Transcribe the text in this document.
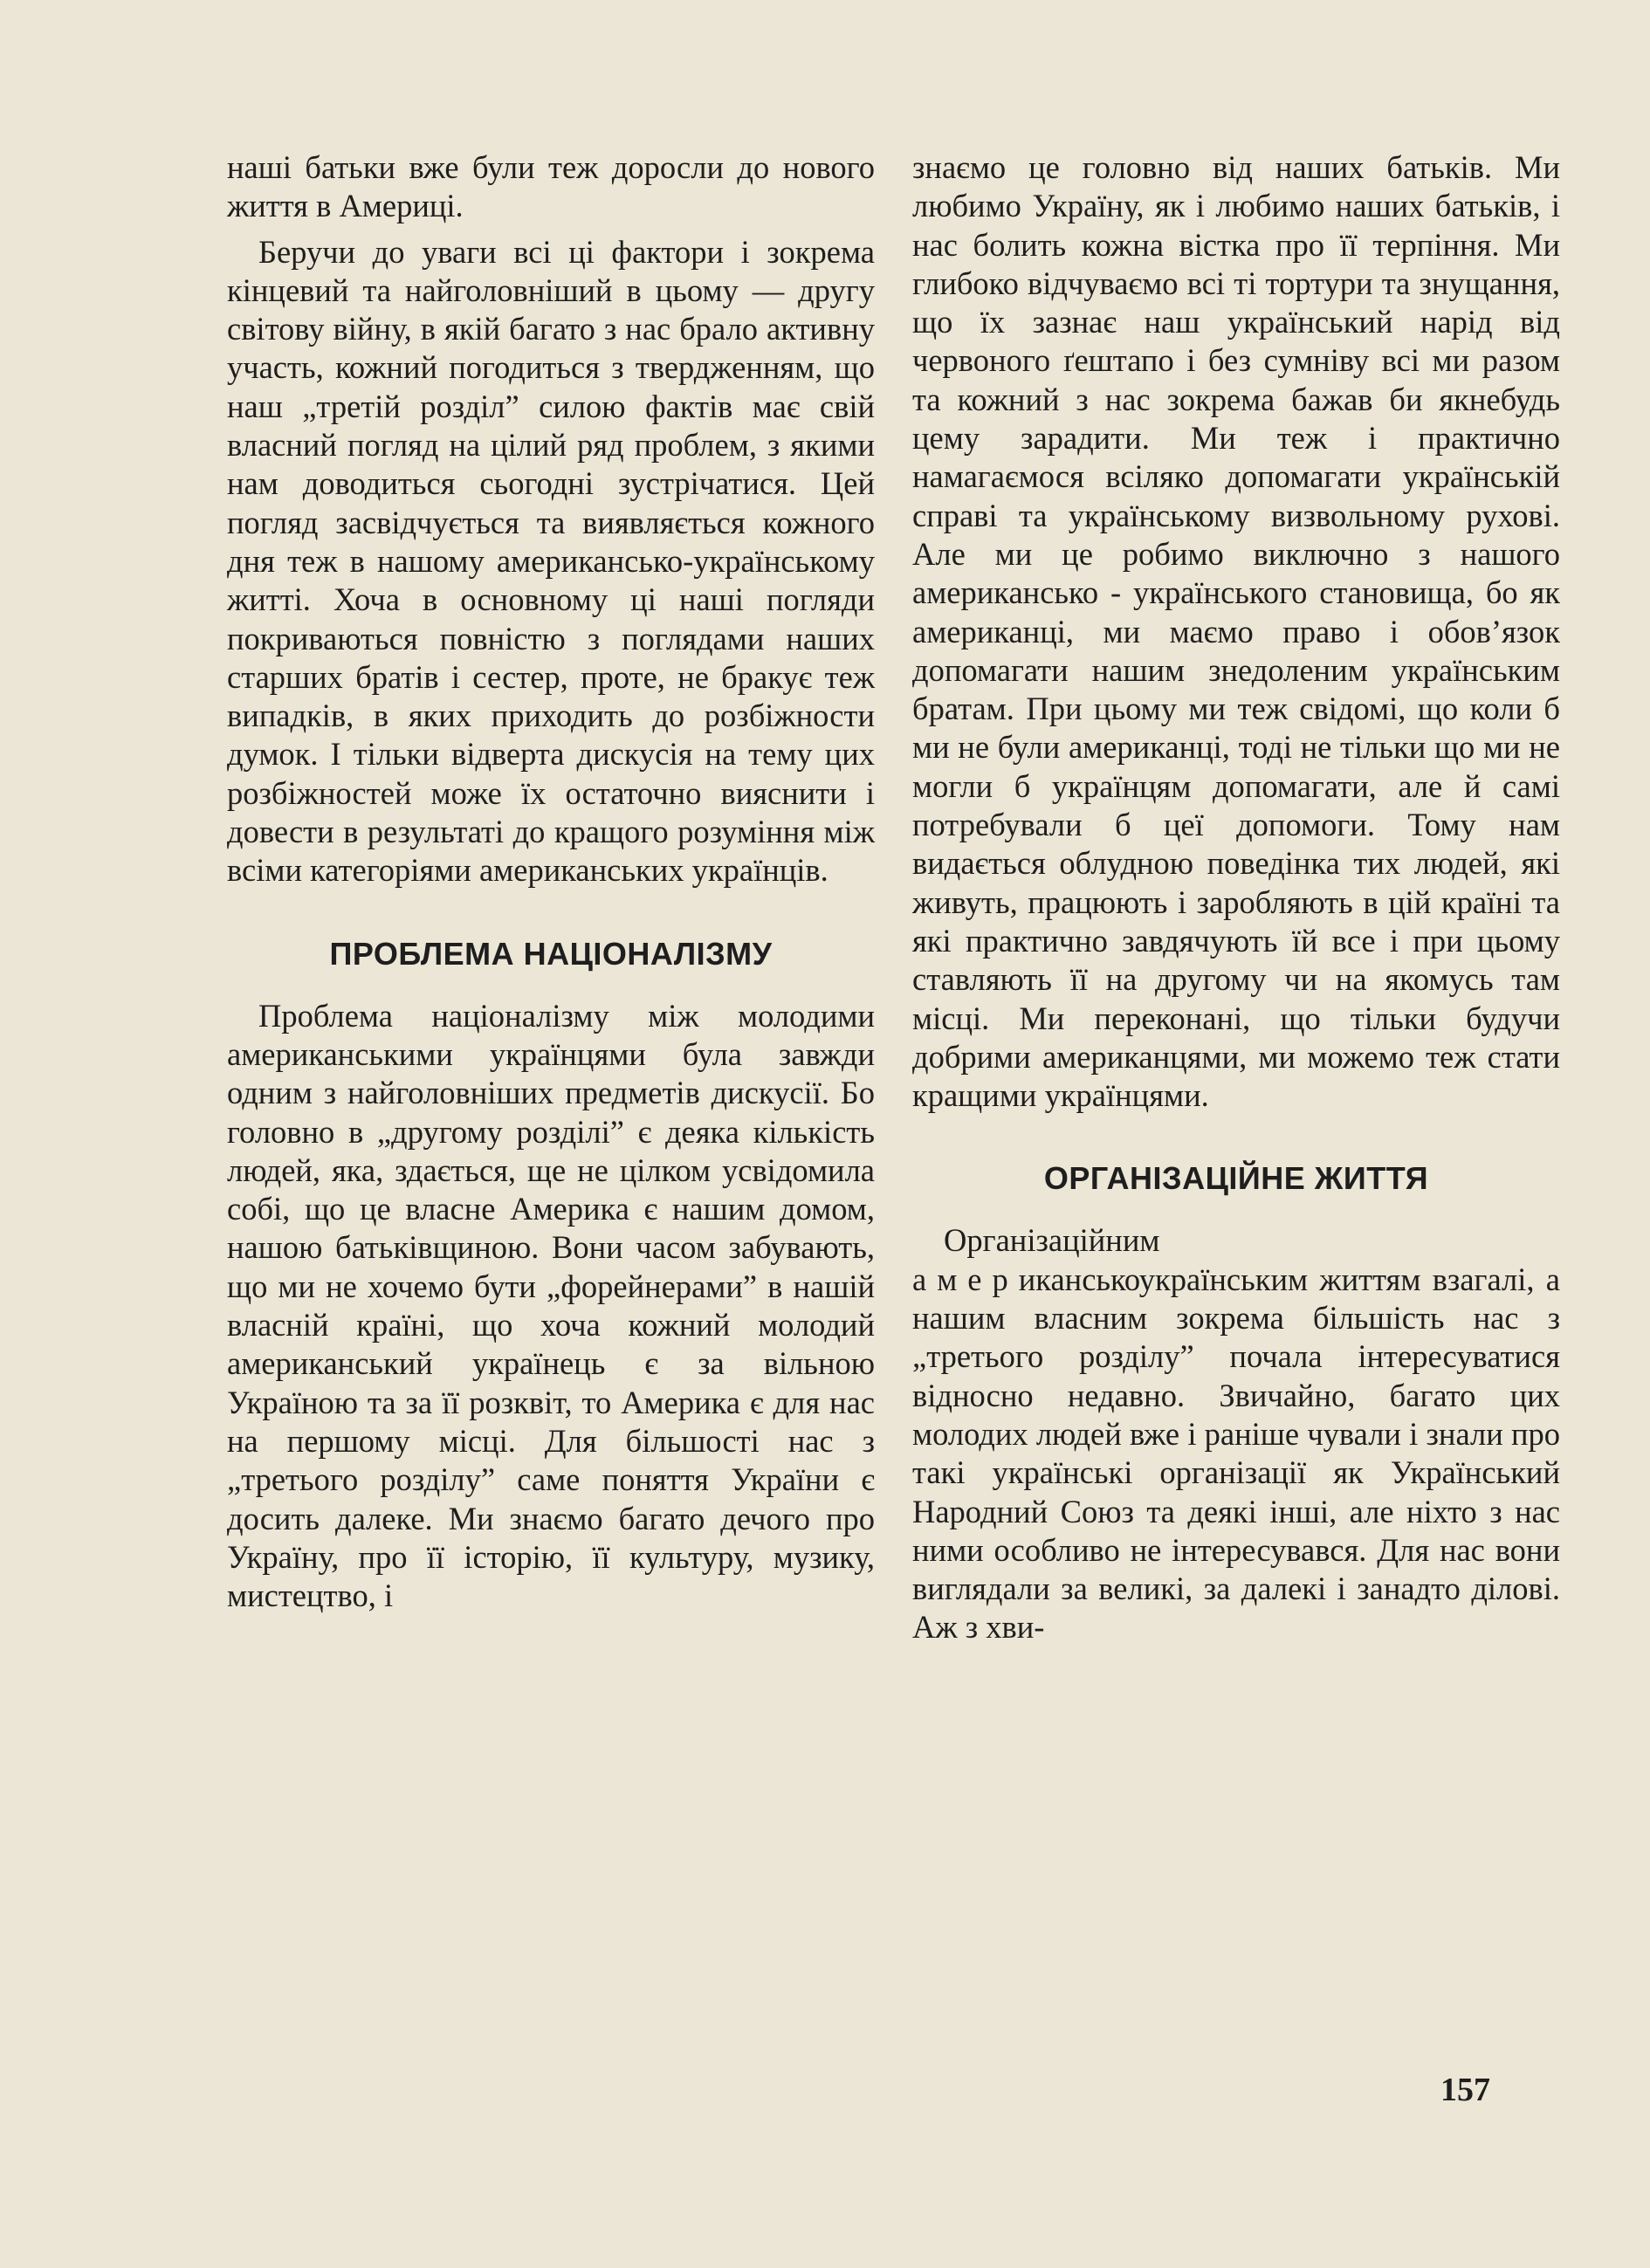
наші батьки вже були теж доросли до нового життя в Америці.

Беручи до уваги всі ці фактори і зокрема кінцевий та найголовніший в цьому — другу світову війну, в якій багато з нас брало активну участь, кожний погодиться з твердженням, що наш „третій розділ” силою фактів має свій власний погляд на цілий ряд проблем, з якими нам доводиться сьогодні зустрічатися. Цей погляд засвідчується та виявляється кожного дня теж в нашому американсько-українському житті. Хоча в основному ці наші погляди покриваються повністю з поглядами наших старших братів і сестер, проте, не бракує теж випадків, в яких приходить до розбіжности думок. І тільки відверта дискусія на тему цих розбіжностей може їх остаточно вияснити і довести в результаті до кращого розуміння між всіми категоріями американських українців.

ПРОБЛЕМА НАЦІОНАЛІЗМУ

Проблема націоналізму між молодими американськими українцями була завжди одним з найголовніших предметів дискусії. Бо головно в „другому розділі” є деяка кількість людей, яка, здається, ще не цілком усвідомила собі, що це власне Америка є нашим домом, нашою батьківщиною. Вони часом забувають, що ми не хочемо бути „форейнерами” в нашій власній країні, що хоча кожний молодий американський українець є за вільною Україною та за її розквіт, то Америка є для нас на першому місці. Для більшості нас з „третього розділу” саме поняття України є досить далеке. Ми знаємо багато дечого про Україну, про її історію, її культуру, музику, мистецтво, і

знаємо це головно від наших батьків. Ми любимо Україну, як і любимо наших батьків, і нас болить кожна вістка про її терпіння. Ми глибоко відчуваємо всі ті тортури та знущання, що їх зазнає наш український нарід від червоного ґештапо і без сумніву всі ми разом та кожний з нас зокрема бажав би якнебудь цему зарадити. Ми теж і практично намагаємося всіляко допомагати українській справі та українському визвольному рухові. Але ми це робимо виключно з нашого американсько - українського становища, бо як американці, ми маємо право і обов’язок допомагати нашим знедоленим українським братам. При цьому ми теж свідомі, що коли б ми не були американці, тоді не тільки що ми не могли б українцям допомагати, але й самі потребували б цеї допомоги. Тому нам видається облудною поведінка тих людей, які живуть, працюють і заробляють в цій країні та які практично завдячують їй все і при цьому ставляють її на другому чи на якомусь там місці. Ми переконані, що тільки будучи добрими американцями, ми можемо теж стати кращими українцями.

ОРГАНІЗАЦІЙНЕ ЖИТТЯ

Організаційним американськоукраїнським життям взагалі, а нашим власним зокрема більшість нас з „третього розділу” почала інтересуватися відносно недавно. Звичайно, багато цих молодих людей вже і раніше чували і знали про такі українські організації як Український Народний Союз та деякі інші, але ніхто з нас ними особливо не інтересувався. Для нас вони виглядали за великі, за далекі і занадто ділові. Аж з хви-

157
